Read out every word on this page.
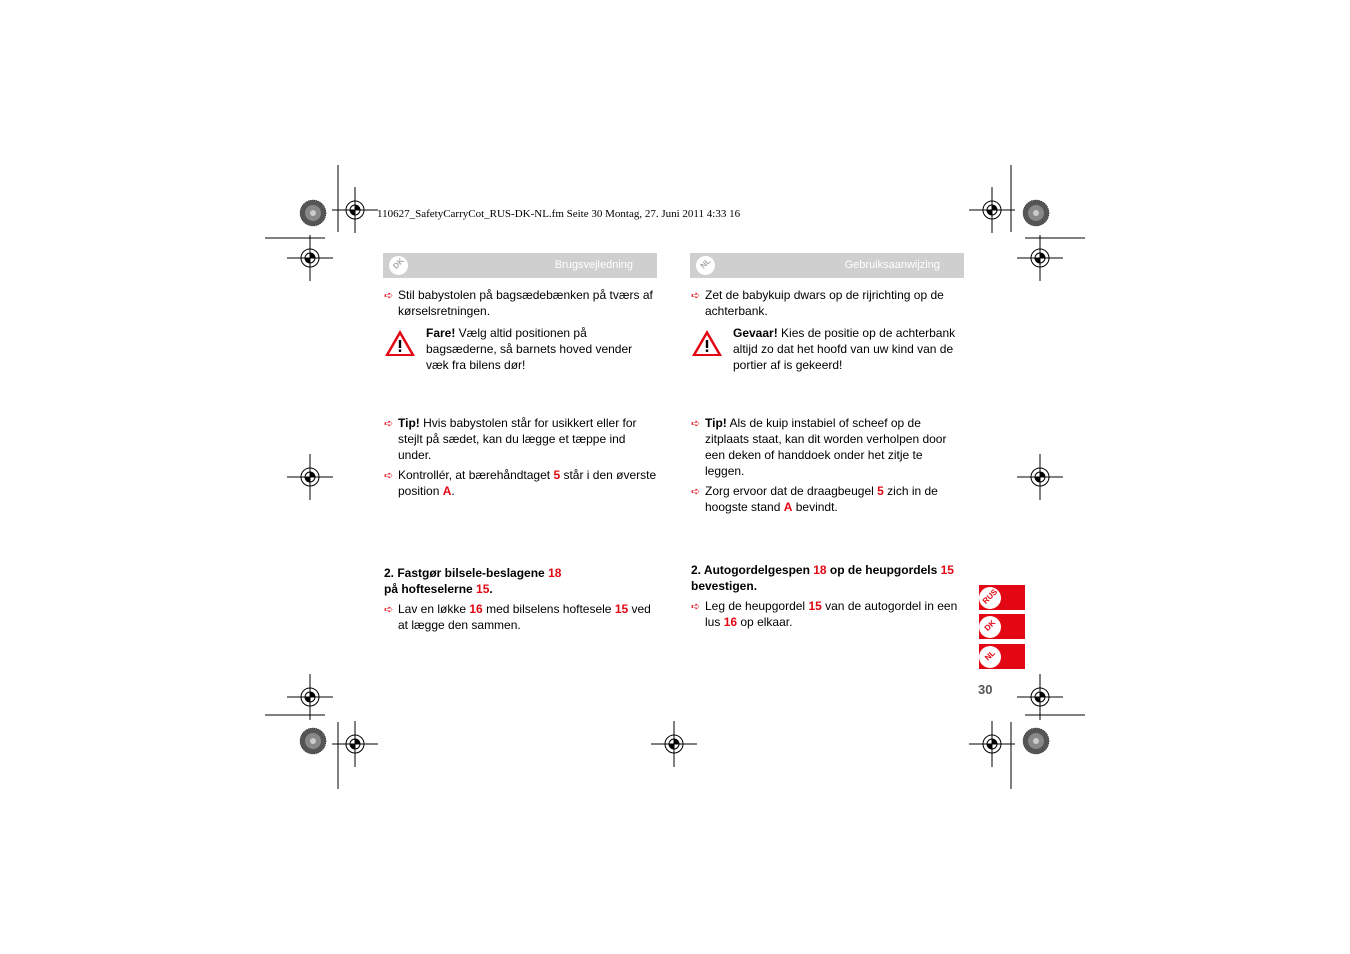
110627_SafetyCarryCot_RUS-DK-NL.fm Seite 30 Montag, 27. Juni 2011 4:33 16
DK	Brugsvejledning
➪ Stil babystolen på bagsædebænken på tværs af kørselsretningen.
Fare! Vælg altid positionen på bagsæderne, så barnets hoved vender væk fra bilens dør!
➪ Tip! Hvis babystolen står for usikkert eller for stejlt på sædet, kan du lægge et tæppe ind under.
➪ Kontrollér, at bærehåndtaget 5 står i den øverste position A.
2. Fastgør bilsele-beslagene 18
på hofteselerne 15.
➪ Lav en løkke 16 med bilselens hoftesele 15 ved at lægge den sammen.
NL	Gebruiksaanwijzing
➪ Zet de babykuip dwars op de rijrichting op de achterbank.
Gevaar! Kies de positie op de achterbank altijd zo dat het hoofd van uw kind van de portier af is gekeerd!
➪ Tip! Als de kuip instabiel of scheef op de zitplaats staat, kan dit worden verholpen door een deken of handdoek onder het zitje te leggen.
➪ Zorg ervoor dat de draagbeugel 5 zich in de hoogste stand A bevindt.
2. Autogordelgespen 18 op de heupgordels 15
bevestigen.
➪ Leg de heupgordel 15 van de autogordel in een lus 16 op elkaar.
RUS
DK
NL
30
